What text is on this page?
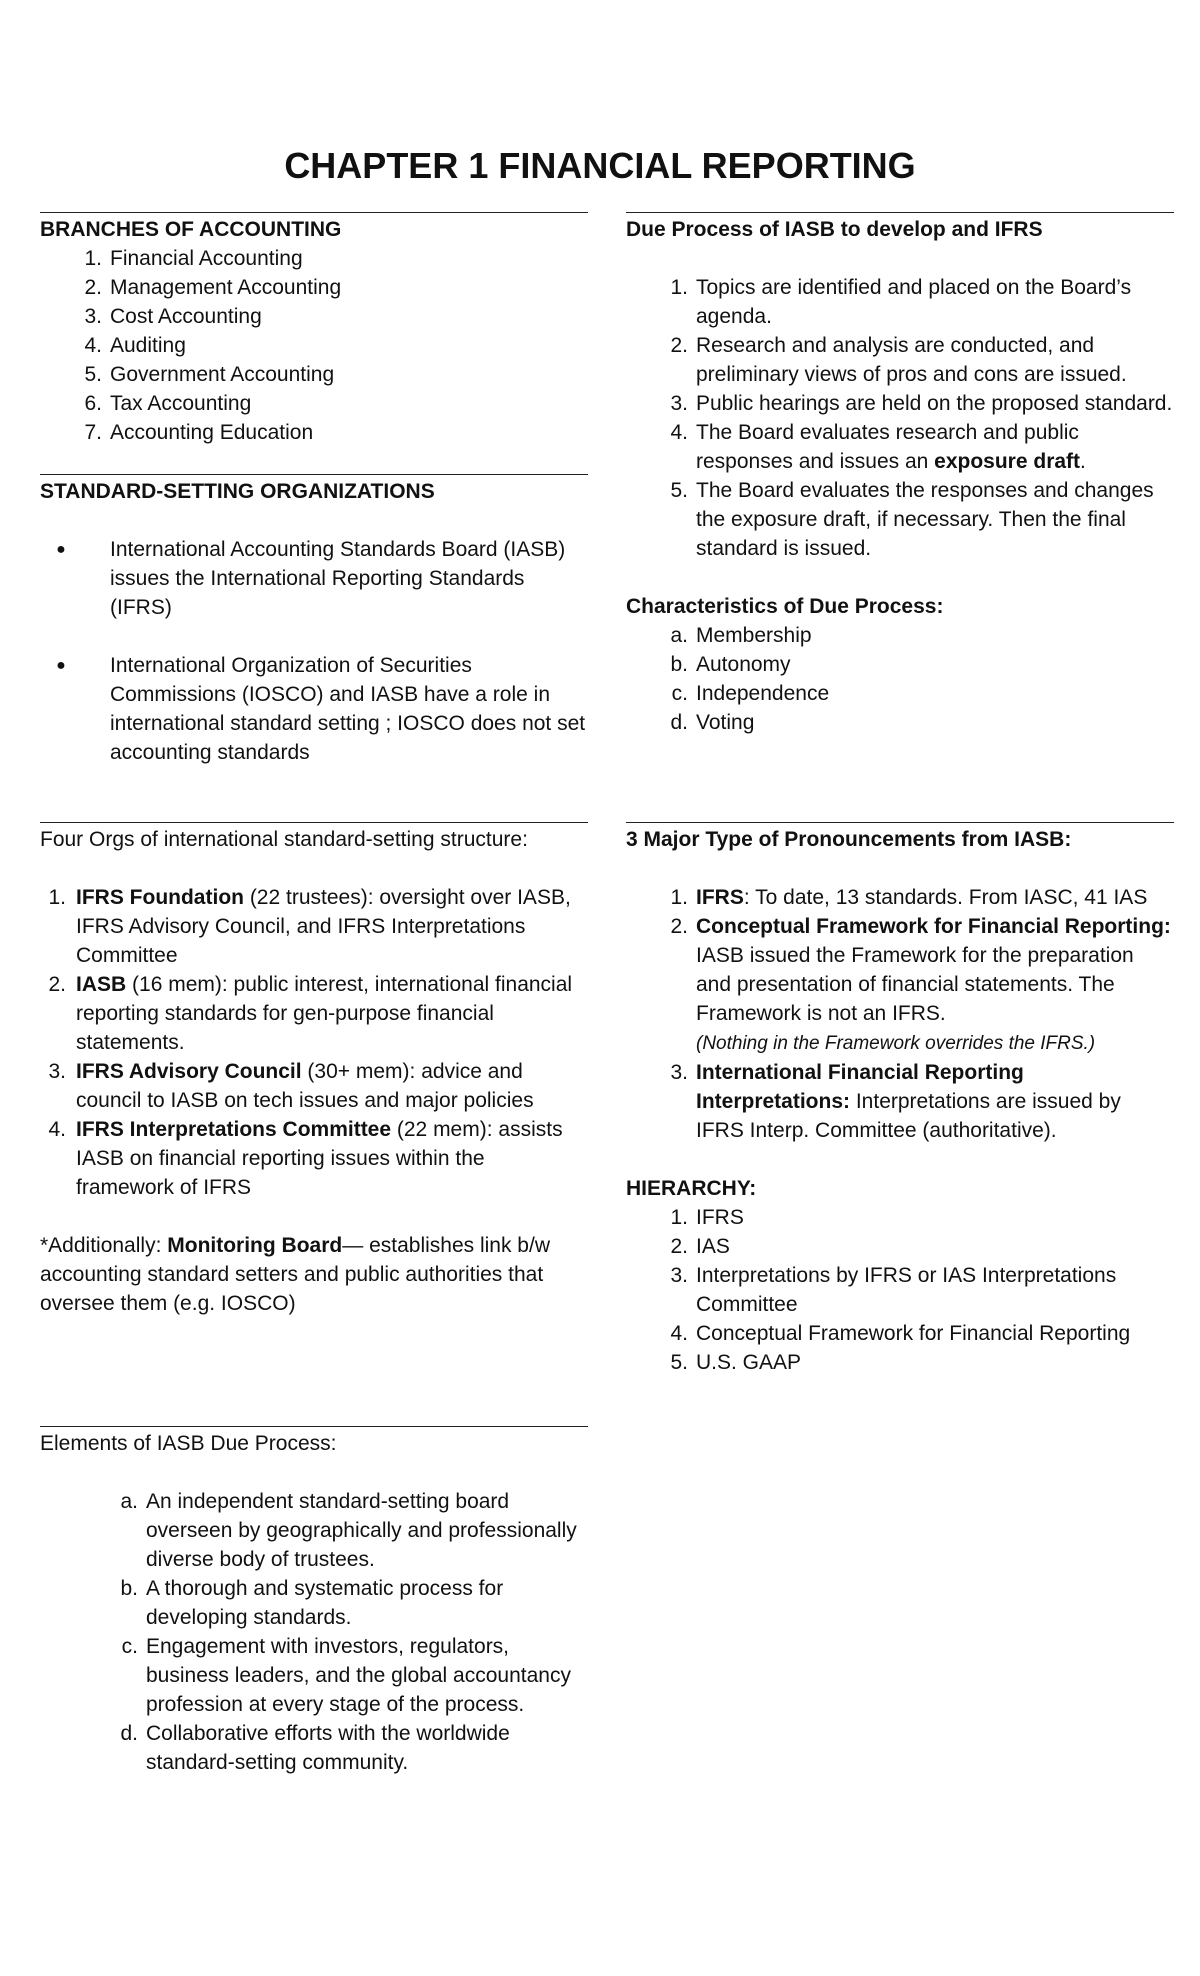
CHAPTER 1 FINANCIAL REPORTING
BRANCHES OF ACCOUNTING
1. Financial Accounting
2. Management Accounting
3. Cost Accounting
4. Auditing
5. Government Accounting
6. Tax Accounting
7. Accounting Education
STANDARD-SETTING ORGANIZATIONS
●	International Accounting Standards Board (IASB) issues the International Reporting Standards (IFRS)
●	International Organization of Securities Commissions (IOSCO) and IASB have a role in international standard setting ; IOSCO does not set accounting standards
Four Orgs of international standard-setting structure:
1. IFRS Foundation (22 trustees): oversight over IASB, IFRS Advisory Council, and IFRS Interpretations Committee
2. IASB (16 mem): public interest, international financial reporting standards for gen-purpose financial statements.
3. IFRS Advisory Council (30+ mem): advice and council to IASB on tech issues and major policies
4. IFRS Interpretations Committee (22 mem): assists IASB on financial reporting issues within the framework of IFRS

*Additionally: Monitoring Board— establishes link b/w accounting standard setters and public authorities that oversee them (e.g. IOSCO)

Elements of IASB Due Process:
a. An independent standard-setting board overseen by geographically and professionally diverse body of trustees.
b. A thorough and systematic process for developing standards.
c. Engagement with investors, regulators, business leaders, and the global accountancy profession at every stage of the process.
d. Collaborative efforts with the worldwide standard-setting community.
Due Process of IASB to develop and IFRS
1. Topics are identified and placed on the Board’s agenda.
2. Research and analysis are conducted, and preliminary views of pros and cons are issued.
3. Public hearings are held on the proposed standard.
4. The Board evaluates research and public responses and issues an exposure draft.
5. The Board evaluates the responses and changes the exposure draft, if necessary. Then the final standard is issued.
Characteristics of Due Process:
a. Membership
b. Autonomy
c. Independence
d. Voting
3 Major Type of Pronouncements from IASB:
1. IFRS: To date, 13 standards. From IASC, 41 IAS
2. Conceptual Framework for Financial Reporting: IASB issued the Framework for the preparation and presentation of financial statements. The Framework is not an IFRS.
(Nothing in the Framework overrides the IFRS.)
3. International Financial Reporting Interpretations: Interpretations are issued by IFRS Interp. Committee (authoritative).
HIERARCHY:
1. IFRS
2. IAS
3. Interpretations by IFRS or IAS Interpretations Committee
4. Conceptual Framework for Financial Reporting
5. U.S. GAAP
